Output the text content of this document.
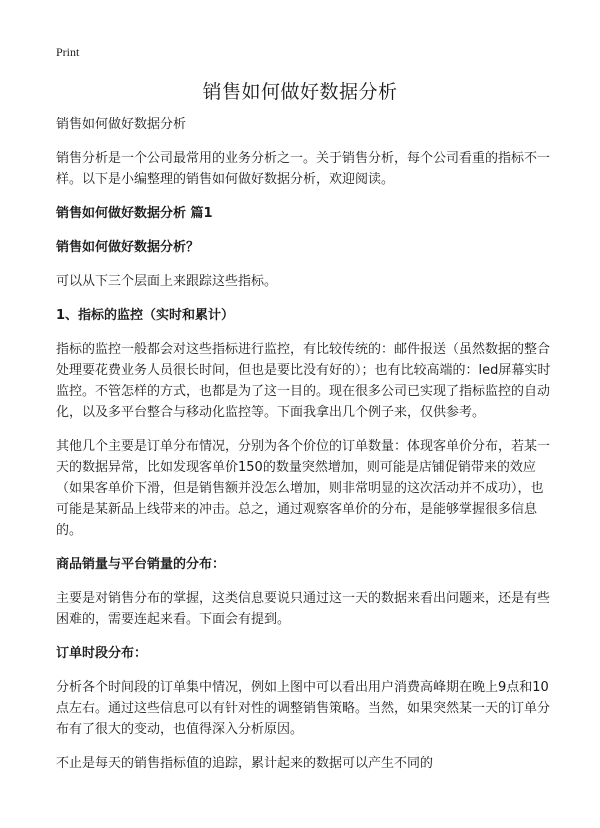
Print
销售如何做好数据分析

销售如何做好数据分析

销售分析是一个公司最常用的业务分析之一。关于销售分析，每个公司看重的指标不一样。以下是小编整理的销售如何做好数据分析，欢迎阅读。

销售如何做好数据分析 篇1

销售如何做好数据分析？

可以从下三个层面上来跟踪这些指标。

1、指标的监控（实时和累计）

指标的监控一般都会对这些指标进行监控，有比较传统的：邮件报送（虽然数据的整合处理要花费业务人员很长时间，但也是要比没有好的）；也有比较高端的：led屏幕实时监控。不管怎样的方式，也都是为了这一目的。现在很多公司已实现了指标监控的自动化，以及多平台整合与移动化监控等。下面我拿出几个例子来，仅供参考。

其他几个主要是订单分布情况，分别为各个价位的订单数量：体现客单价分布，若某一天的数据异常，比如发现客单价150的数量突然增加，则可能是店铺促销带来的效应（如果客单价下滑，但是销售额并没怎么增加，则非常明显的这次活动并不成功），也可能是某新品上线带来的冲击。总之，通过观察客单价的分布，是能够掌握很多信息的。

商品销量与平台销量的分布：

主要是对销售分布的掌握，这类信息要说只通过这一天的数据来看出问题来，还是有些困难的，需要连起来看。下面会有提到。

订单时段分布：

分析各个时间段的订单集中情况，例如上图中可以看出用户消费高峰期在晚上9点和10点左右。通过这些信息可以有针对性的调整销售策略。当然，如果突然某一天的订单分布有了很大的变动，也值得深入分析原因。

不止是每天的销售指标值的追踪，累计起来的数据可以产生不同的
